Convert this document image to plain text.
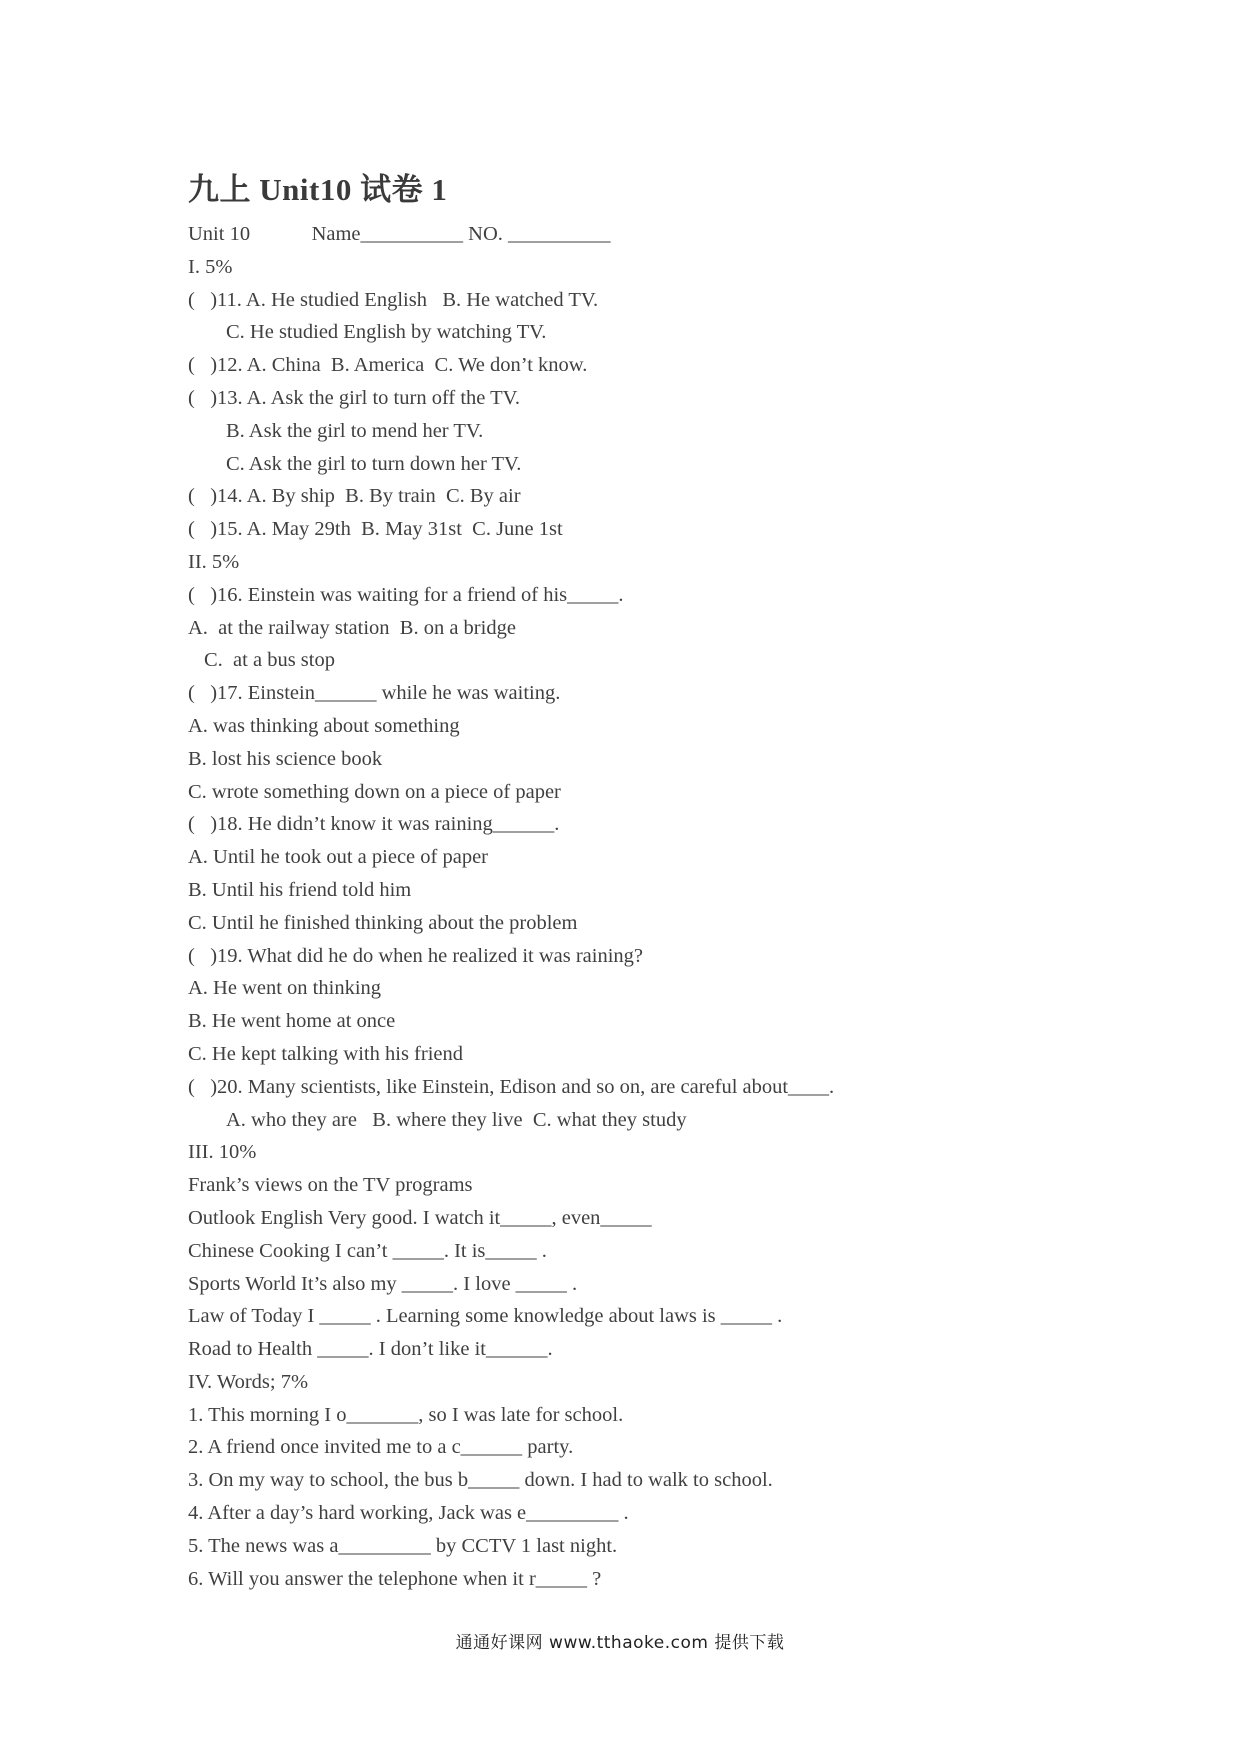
九上 Unit10 试卷 1
Unit 10            Name__________ NO. __________
I. 5%
(   )11. A. He studied English   B. He watched TV.
C. He studied English by watching TV.
(   )12. A. China  B. America  C. We don’t know.
(   )13. A. Ask the girl to turn off the TV.
B. Ask the girl to mend her TV.
C. Ask the girl to turn down her TV.
(   )14. A. By ship  B. By train  C. By air
(   )15. A. May 29th  B. May 31st  C. June 1st
II. 5%
(   )16. Einstein was waiting for a friend of his_____.
A.  at the railway station  B. on a bridge
C.  at a bus stop
(   )17. Einstein______ while he was waiting.
A. was thinking about something
B. lost his science book
C. wrote something down on a piece of paper
(   )18. He didn’t know it was raining______.
A. Until he took out a piece of paper
B. Until his friend told him
C. Until he finished thinking about the problem
(   )19. What did he do when he realized it was raining?
A. He went on thinking
B. He went home at once
C. He kept talking with his friend
(   )20. Many scientists, like Einstein, Edison and so on, are careful about____.
A. who they are   B. where they live  C. what they study
III. 10%
Frank’s views on the TV programs
Outlook English Very good. I watch it_____, even_____
Chinese Cooking I can’t _____. It is_____ .
Sports World It’s also my _____. I love _____ .
Law of Today I _____ . Learning some knowledge about laws is _____ .
Road to Health _____. I don’t like it______.
IV. Words; 7%
1. This morning I o_______, so I was late for school.
2. A friend once invited me to a c______ party.
3. On my way to school, the bus b_____ down. I had to walk to school.
4. After a day’s hard working, Jack was e_________ .
5. The news was a_________ by CCTV 1 last night.
6. Will you answer the telephone when it r_____ ?
通通好课网 www.tthaoke.com 提供下载
